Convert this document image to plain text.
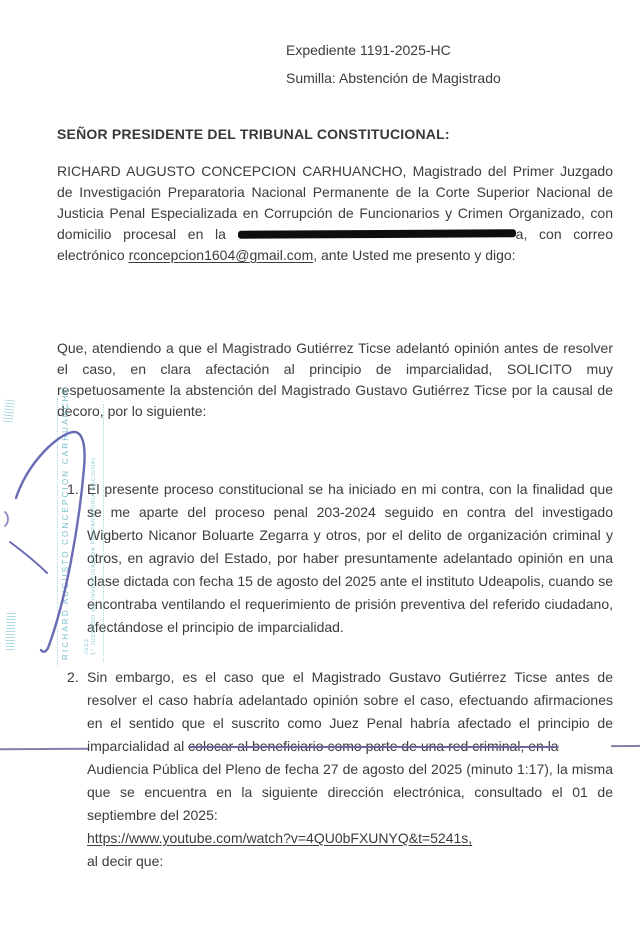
Expediente 1191-2025-HC
Sumilla: Abstención de Magistrado
SEÑOR PRESIDENTE DEL TRIBUNAL CONSTITUCIONAL:

RICHARD AUGUSTO CONCEPCION CARHUANCHO, Magistrado del Primer Juzgado de Investigación Preparatoria Nacional Permanente de la Corte Superior Nacional de Justicia Penal Especializada en Corrupción de Funcionarios y Crimen Organizado, con domicilio procesal en la	a, con correo electrónico rconcepcion1604@gmail.com, ante Usted me presento y digo:

Que, atendiendo a que el Magistrado Gutiérrez Ticse adelantó opinión antes de resolver el caso, en clara afectación al principio de imparcialidad, SOLICITO muy respetuosamente la abstención del Magistrado Gustavo Gutiérrez Ticse por la causal de decoro, por lo siguiente:

1. El presente proceso constitucional se ha iniciado en mi contra, con la finalidad que se me aparte del proceso penal 203-2024 seguido en contra del investigado Wigberto Nicanor Boluarte Zegarra y otros, por el delito de organización criminal y otros, en agravio del Estado, por haber presuntamente adelantado opinión en una clase dictada con fecha 15 de agosto del 2025 ante el instituto Udeapolis, cuando se encontraba ventilando el requerimiento de prisión preventiva del referido ciudadano, afectándose el principio de imparcialidad.
2. Sin embargo, es el caso que el Magistrado Gustavo Gutiérrez Ticse antes de resolver el caso habría adelantado opinión sobre el caso, efectuando afirmaciones en el sentido que el suscrito como Juez Penal habría afectado el principio de imparcialidad al colocar al beneficiario como parte de una red criminal, en la
Audiencia Pública del Pleno de fecha 27 de agosto del 2025 (minuto 1:17), la misma que se encuentra en la siguiente dirección electrónica, consultado el 01 de septiembre del 2025:
https://www.youtube.com/watch?v=4QU0bFXUNYQ&t=5241s,
al decir que:
RICHARD AUGUSTO CONCEPCION CARHUANCHO	JUEZ 1° JUZGADO DE INVESTIGACIÓN PREPARATORIA NACIONAL
